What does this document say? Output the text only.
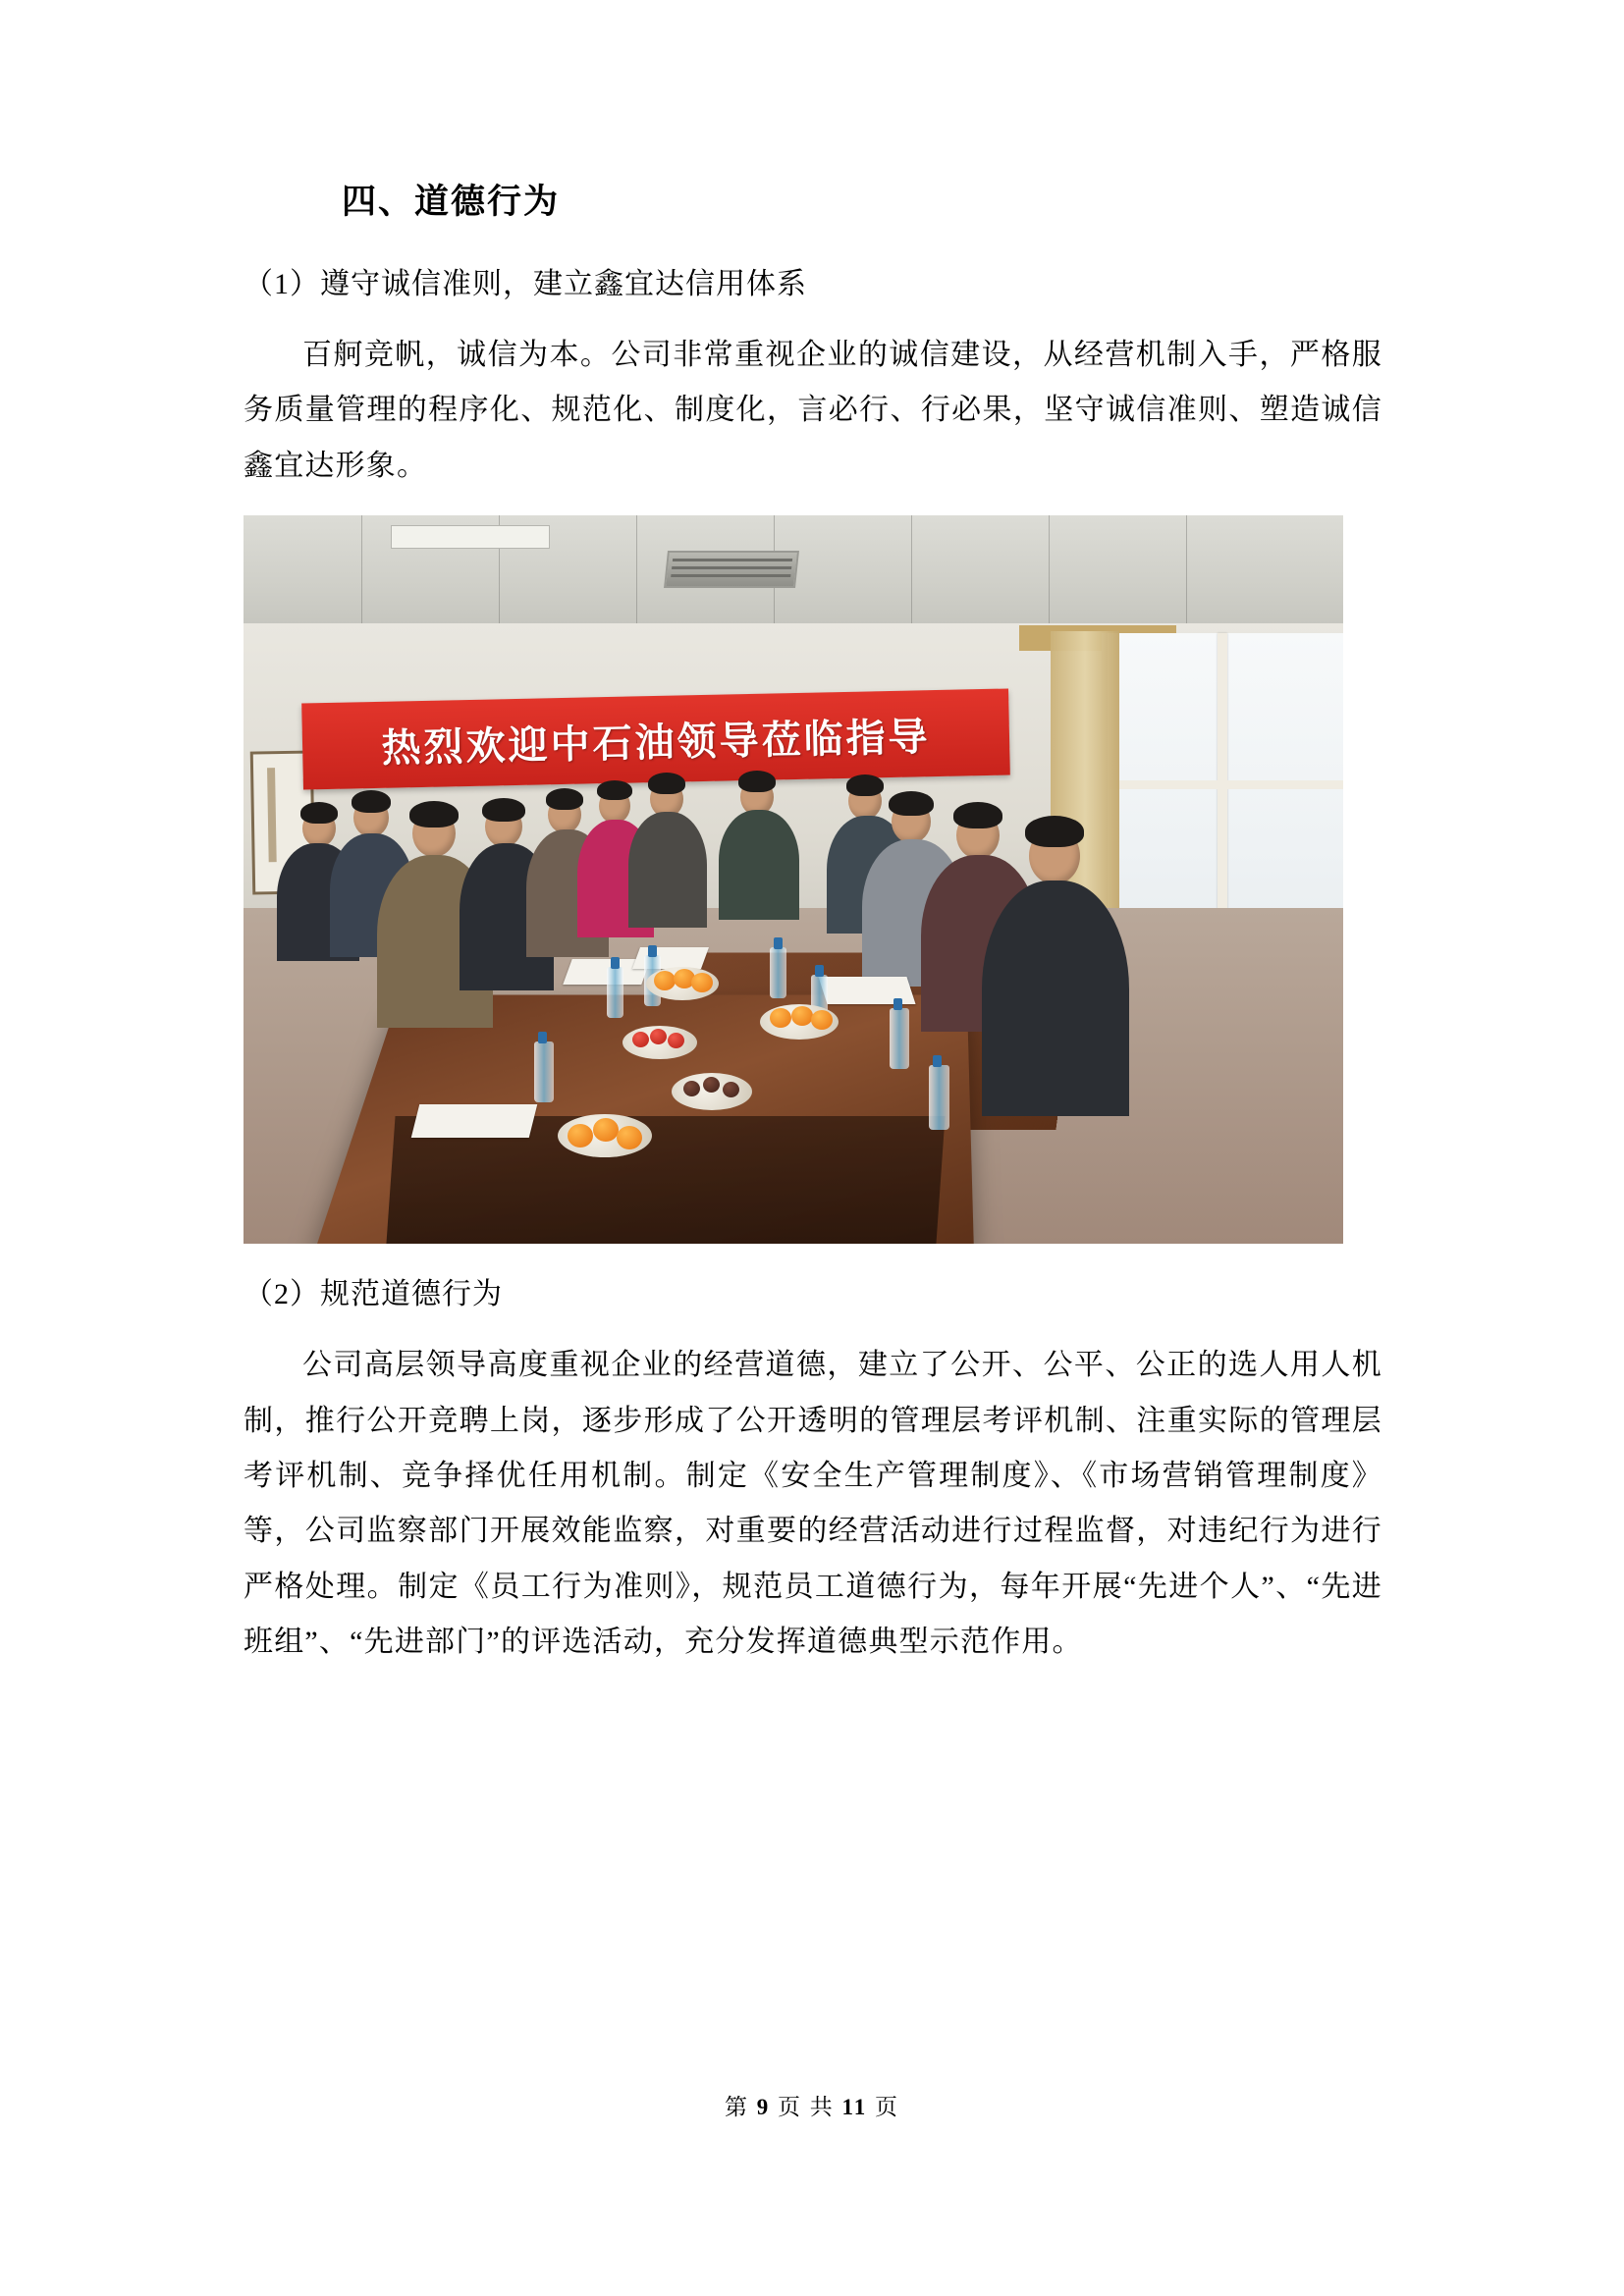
四、道德行为

（1）遵守诚信准则，建立鑫宜达信用体系

百舸竞帆，诚信为本。公司非常重视企业的诚信建设，从经营机制入手，严格服务质量管理的程序化、规范化、制度化，言必行、行必果，坚守诚信准则、塑造诚信鑫宜达形象。

热烈欢迎中石油领导莅临指导

（2）规范道德行为

公司高层领导高度重视企业的经营道德，建立了公开、公平、公正的选人用人机制，推行公开竞聘上岗，逐步形成了公开透明的管理层考评机制、注重实际的管理层考评机制、竞争择优任用机制。制定《安全生产管理制度》、《市场营销管理制度》等，公司监察部门开展效能监察，对重要的经营活动进行过程监督，对违纪行为进行严格处理。制定《员工行为准则》，规范员工道德行为，每年开展“先进个人”、“先进班组”、“先进部门”的评选活动，充分发挥道德典型示范作用。

第 9 页 共 11 页
